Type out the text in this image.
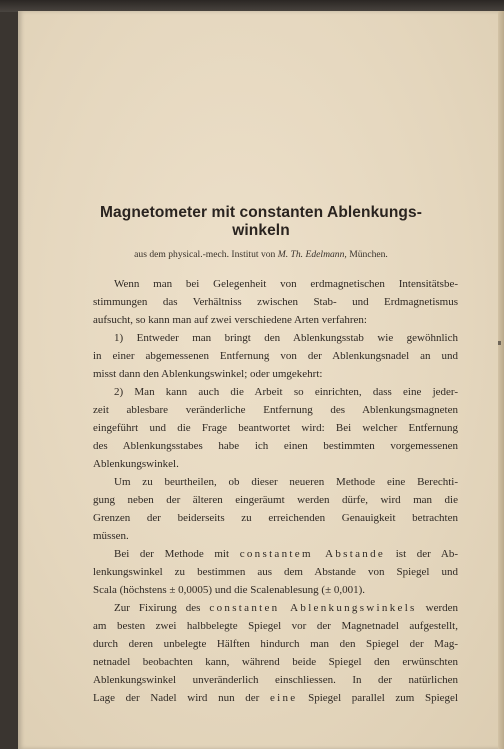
Magnetometer mit constanten Ablenkungs-
winkeln
aus dem physical.-mech. Institut von M. Th. Edelmann, München.
Wenn man bei Gelegenheit von erdmagnetischen Intensitätsbe-
stimmungen das Verhältniss zwischen Stab- und Erdmagnetismus
aufsucht, so kann man auf zwei verschiedene Arten verfahren:
1) Entweder man bringt den Ablenkungsstab wie gewöhnlich
in einer abgemessenen Entfernung von der Ablenkungsnadel an und
misst dann den Ablenkungswinkel; oder umgekehrt:
2) Man kann auch die Arbeit so einrichten, dass eine jeder-
zeit ablesbare veränderliche Entfernung des Ablenkungsmagneten
eingeführt und die Frage beantwortet wird: Bei welcher Entfernung
des Ablenkungsstabes habe ich einen bestimmten vorgemessenen
Ablenkungswinkel.
Um zu beurtheilen, ob dieser neueren Methode eine Berechti-
gung neben der älteren eingeräumt werden dürfe, wird man die
Grenzen der beiderseits zu erreichenden Genauigkeit betrachten
müssen.
Bei der Methode mit constantem Abstande ist der Ab-
lenkungswinkel zu bestimmen aus dem Abstande von Spiegel und
Scala (höchstens ± 0,0005) und die Scalenablesung (± 0,001).
Zur Fixirung des constanten Ablenkungswinkels werden
am besten zwei halbbelegte Spiegel vor der Magnetnadel aufgestellt,
durch deren unbelegte Hälften hindurch man den Spiegel der Mag-
netnadel beobachten kann, während beide Spiegel den erwünschten
Ablenkungswinkel unveränderlich einschliessen. In der natürlichen
Lage der Nadel wird nun der eine Spiegel parallel zum Spiegel
